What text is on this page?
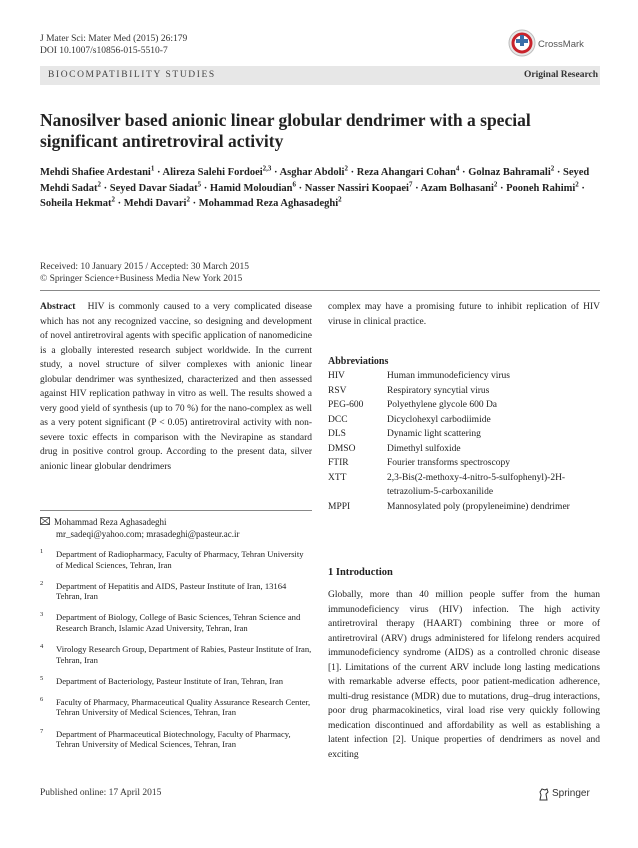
J Mater Sci: Mater Med (2015) 26:179
DOI 10.1007/s10856-015-5510-7
CrossMark
BIOCOMPATIBILITY STUDIES	Original Research
Nanosilver based anionic linear globular dendrimer with a special significant antiretroviral activity
Mehdi Shafiee Ardestani$^1$ · Alireza Salehi Fordoei$^{2,3}$ · Asghar Abdoli$^2$ · Reza Ahangari Cohan$^4$ · Golnaz Bahramali$^2$ · Seyed Mehdi Sadat$^2$ · Seyed Davar Siadat$^5$ · Hamid Moloudian$^6$ · Nasser Nassiri Koopaei$^7$ · Azam Bolhasani$^2$ · Pooneh Rahimi$^2$ · Soheila Hekmat$^2$ · Mehdi Davari$^2$ · Mohammad Reza Aghasadeghi$^2$
Received: 10 January 2015 / Accepted: 30 March 2015
© Springer Science+Business Media New York 2015
Abstract HIV is commonly caused to a very complicated disease which has not any recognized vaccine, so designing and development of novel antiretroviral agents with specific application of nanomedicine is a globally interested research subject worldwide. In the current study, a novel structure of silver complexes with anionic linear globular dendrimer was synthesized, characterized and then assessed against HIV replication pathway in vitro as well. The results showed a very good yield of synthesis (up to 70 %) for the nano-complex as well as a very potent significant (P < 0.05) antiretroviral activity with non-severe toxic effects in comparison with the Nevirapine as standard drug in positive control group. According to the present data, silver anionic linear globular dendrimers
Mohammad Reza Aghasadeghi
mr_sadeqi@yahoo.com; mrasadeghi@pasteur.ac.ir
1 Department of Radiopharmacy, Faculty of Pharmacy, Tehran University of Medical Sciences, Tehran, Iran
2 Department of Hepatitis and AIDS, Pasteur Institute of Iran, 13164 Tehran, Iran
3 Department of Biology, College of Basic Sciences, Tehran Science and Research Branch, Islamic Azad University, Tehran, Iran
4 Virology Research Group, Department of Rabies, Pasteur Institute of Iran, Tehran, Iran
5 Department of Bacteriology, Pasteur Institute of Iran, Tehran, Iran
6 Faculty of Pharmacy, Pharmaceutical Quality Assurance Research Center, Tehran University of Medical Sciences, Tehran, Iran
7 Department of Pharmaceutical Biotechnology, Faculty of Pharmacy, Tehran University of Medical Sciences, Tehran, Iran
complex may have a promising future to inhibit replication of HIV viruse in clinical practice.
Abbreviations
HIV	Human immunodeficiency virus
RSV	Respiratory syncytial virus
PEG-600	Polyethylene glycole 600 Da
DCC	Dicyclohexyl carbodiimide
DLS	Dynamic light scattering
DMSO	Dimethyl sulfoxide
FTIR	Fourier transforms spectroscopy
XTT	2,3-Bis(2-methoxy-4-nitro-5-sulfophenyl)-2H-tetrazolium-5-carboxanilide
MPPI	Mannosylated poly (propyleneimine) dendrimer
1 Introduction
Globally, more than 40 million people suffer from the human immunodeficiency virus (HIV) infection. The high activity antiretroviral therapy (HAART) combining three or more of antiretroviral (ARV) drugs administered for lifelong renders acquired immunodeficiency syndrome (AIDS) as a controlled chronic disease [1]. Limitations of the current ARV include long lasting medications with remarkable adverse effects, poor patient-medication adherence, multi-drug resistance (MDR) due to mutations, drug–drug interactions, poor drug pharmacokinetics, viral load rise very quickly following medication discontinued and affordability as well as establishing a latent infection [2]. Unique properties of dendrimers as novel and exciting
Published online: 17 April 2015	Springer
